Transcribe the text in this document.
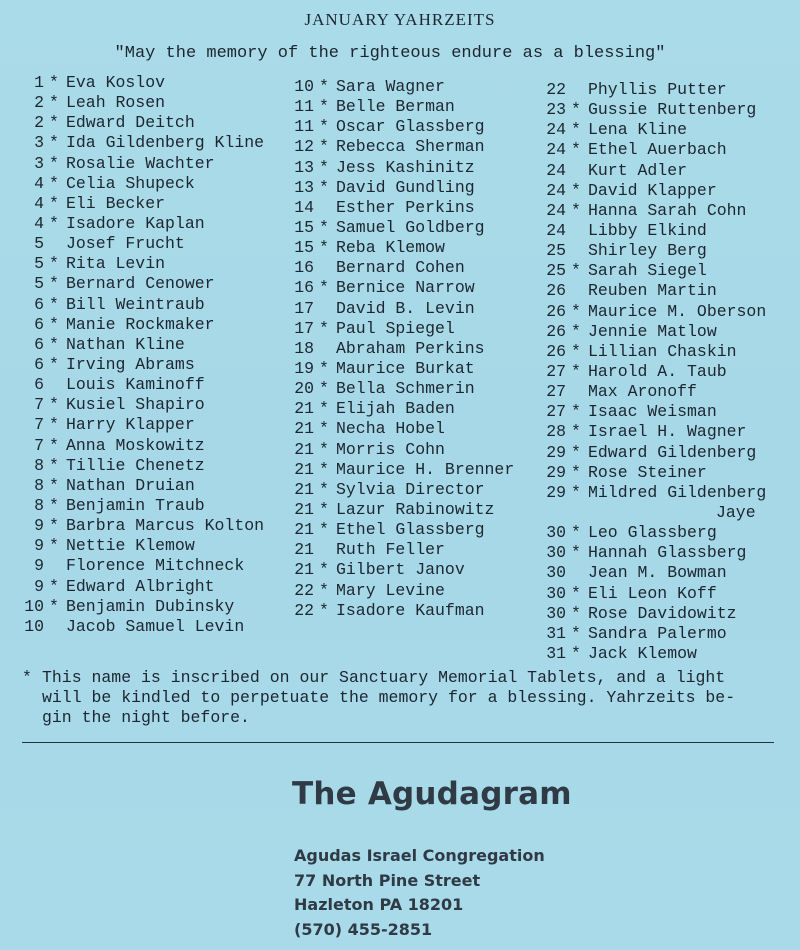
JANUARY YAHRZEITS
"May the memory of the righteous endure as a blessing"
1 * Eva Koslov
2 * Leah Rosen
2 * Edward Deitch
3 * Ida Gildenberg Kline
3 * Rosalie Wachter
4 * Celia Shupeck
4 * Eli Becker
4 * Isadore Kaplan
5 Josef Frucht
5 * Rita Levin
5 * Bernard Cenower
6 * Bill Weintraub
6 * Manie Rockmaker
6 * Nathan Kline
6 * Irving Abrams
6 Louis Kaminoff
7 * Kusiel Shapiro
7 * Harry Klapper
7 * Anna Moskowitz
8 * Tillie Chenetz
8 * Nathan Druian
8 * Benjamin Traub
9 * Barbra Marcus Kolton
9 * Nettie Klemow
9 Florence Mitchneck
9 * Edward Albright
10 * Benjamin Dubinsky
10 Jacob Samuel Levin
10 * Sara Wagner
11 * Belle Berman
11 * Oscar Glassberg
12 * Rebecca Sherman
13 * Jess Kashinitz
13 * David Gundling
14 Esther Perkins
15 * Samuel Goldberg
15 * Reba Klemow
16 Bernard Cohen
16 * Bernice Narrow
17 David B. Levin
17 * Paul Spiegel
18 Abraham Perkins
19 * Maurice Burkat
20 * Bella Schmerin
21 * Elijah Baden
21 * Necha Hobel
21 * Morris Cohn
21 * Maurice H. Brenner
21 * Sylvia Director
21 * Lazur Rabinowitz
21 * Ethel Glassberg
21 Ruth Feller
21 * Gilbert Janov
22 * Mary Levine
22 * Isadore Kaufman
22 Phyllis Putter
23 * Gussie Ruttenberg
24 * Lena Kline
24 * Ethel Auerbach
24 Kurt Adler
24 * David Klapper
24 * Hanna Sarah Cohn
24 Libby Elkind
25 Shirley Berg
25 * Sarah Siegel
26 Reuben Martin
26 * Maurice M. Oberson
26 * Jennie Matlow
26 * Lillian Chaskin
27 * Harold A. Taub
27 Max Aronoff
27 * Isaac Weisman
28 * Israel H. Wagner
29 * Edward Gildenberg
29 * Rose Steiner
29 * Mildred Gildenberg
Jaye
30 * Leo Glassberg
30 * Hannah Glassberg
30 Jean M. Bowman
30 * Eli Leon Koff
30 * Rose Davidowitz
31 * Sandra Palermo
31 * Jack Klemow
* This name is inscribed on our Sanctuary Memorial Tablets, and a light
will be kindled to perpetuate the memory for a blessing. Yahrzeits be-
gin the night before.
The Agudagram
Agudas Israel Congregation
77 North Pine Street
Hazleton PA 18201
(570) 455-2851
